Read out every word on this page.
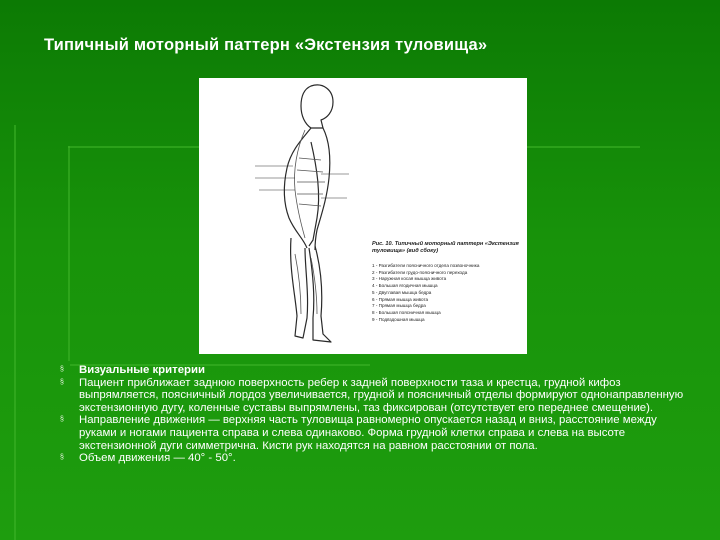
Типичный моторный паттерн «Экстензия туловища»
Рис. 10. Типичный моторный паттерн «Экстензия туловища» (вид сбоку)
1 - Разгибатели поясничного отдела позвоночника
2 - Разгибатели грудо-поясничного перехода
3 - Наружная косая мышца живота
4 - Большая ягодичная мышца
5 - Двуглавая мышца бедра
6 - Прямая мышца живота
7 - Прямая мышца бедра
8 - Большая поясничная мышца
9 - Подвздошная мышца
§	Визуальные критерии
§	Пациент приближает заднюю поверхность ребер к задней поверхности таза и крестца, грудной кифоз выпрямляется, поясничный лордоз увеличивается, грудной и поясничный отделы формируют однонаправленную экстензионную дугу, коленные суставы выпрямлены, таз фиксирован (отсутствует его переднее смещение).
§	Направление движения — верхняя часть туловища равномерно опускается назад и вниз, расстояние между руками и ногами пациента справа и слева одинаково. Форма грудной клетки справа и слева на высоте экстензионной дуги симметрична. Кисти рук находятся на равном расстоянии от пола.
§	Объем движения — 40° - 50°.
